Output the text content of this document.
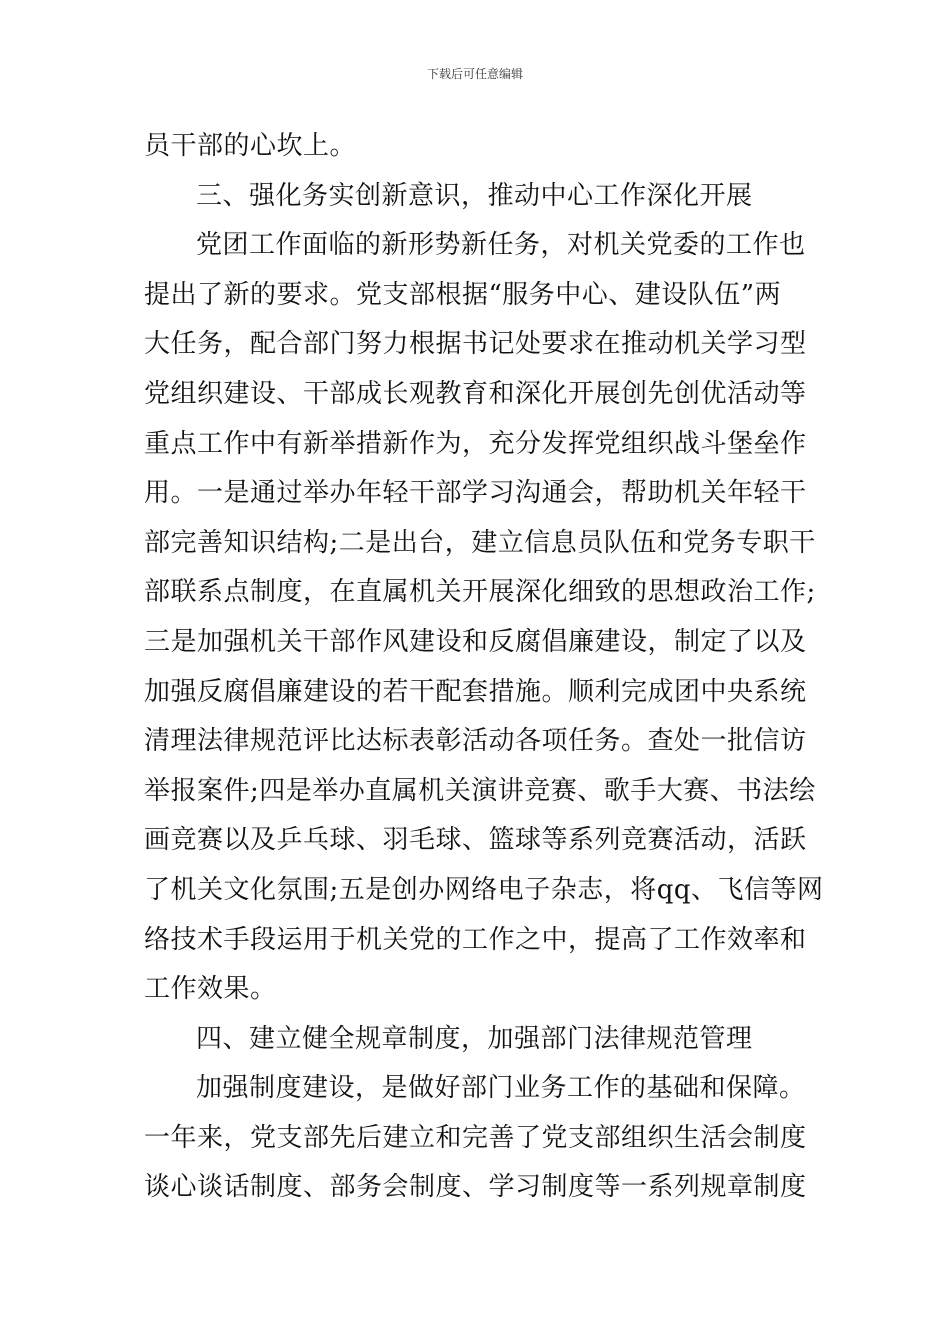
下载后可任意编辑
员干部的心坎上。
三、强化务实创新意识，推动中心工作深化开展
党团工作面临的新形势新任务，对机关党委的工作也
提出了新的要求。党支部根据“服务中心、建设队伍”两
大任务，配合部门努力根据书记处要求在推动机关学习型
党组织建设、干部成长观教育和深化开展创先创优活动等
重点工作中有新举措新作为，充分发挥党组织战斗堡垒作
用。一是通过举办年轻干部学习沟通会，帮助机关年轻干
部完善知识结构;二是出台，建立信息员队伍和党务专职干
部联系点制度，在直属机关开展深化细致的思想政治工作;
三是加强机关干部作风建设和反腐倡廉建设，制定了以及
加强反腐倡廉建设的若干配套措施。顺利完成团中央系统
清理法律规范评比达标表彰活动各项任务。查处一批信访
举报案件;四是举办直属机关演讲竞赛、歌手大赛、书法绘
画竞赛以及乒乓球、羽毛球、篮球等系列竞赛活动，活跃
了机关文化氛围;五是创办网络电子杂志，将qq、飞信等网
络技术手段运用于机关党的工作之中，提高了工作效率和
工作效果。
四、建立健全规章制度，加强部门法律规范管理
加强制度建设，是做好部门业务工作的基础和保障。
一年来，党支部先后建立和完善了党支部组织生活会制度
谈心谈话制度、部务会制度、学习制度等一系列规章制度
